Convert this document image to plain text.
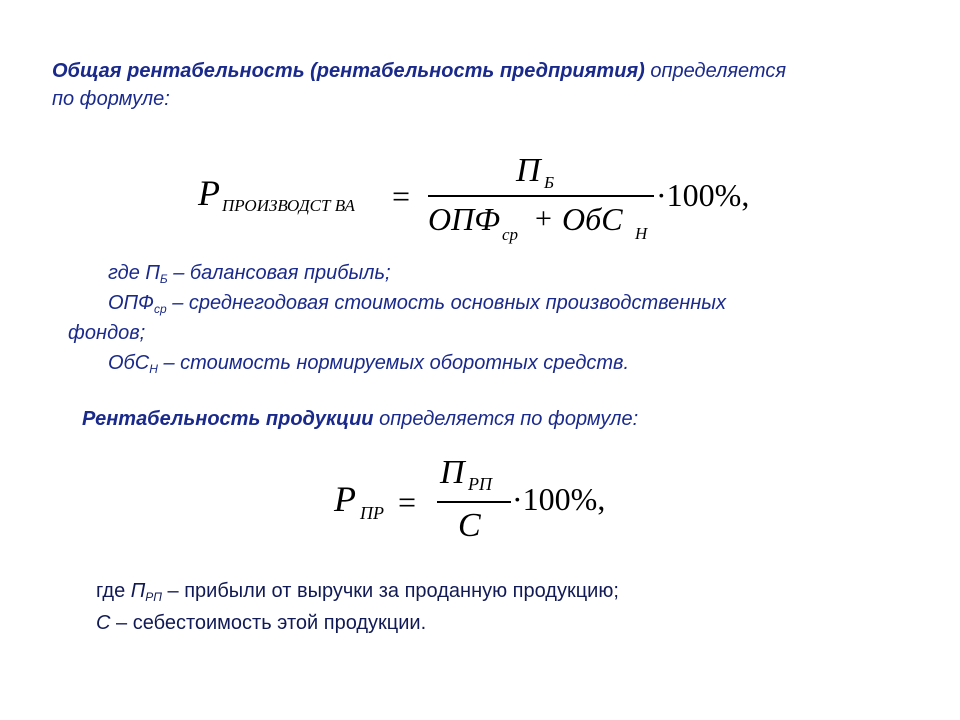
Общая рентабельность (рентабельность предприятия) определяется
по формуле:
P ПРОИЗВОДСТ ВА =
П Б
ОПФ ср + ОбС Н
·100%,
где $П_Б$ – балансовая прибыль;
$ОПФ_{ср}$ – среднегодовая стоимость основных производственных
фондов;
ОбС$_Н$ – стоимость нормируемых оборотных средств.
Рентабельность продукции определяется по формуле:
P ПР =
П РП
С
·100%,
где $П_{РП}$ – прибыли от выручки за проданную продукцию;
С – себестоимость этой продукции.
